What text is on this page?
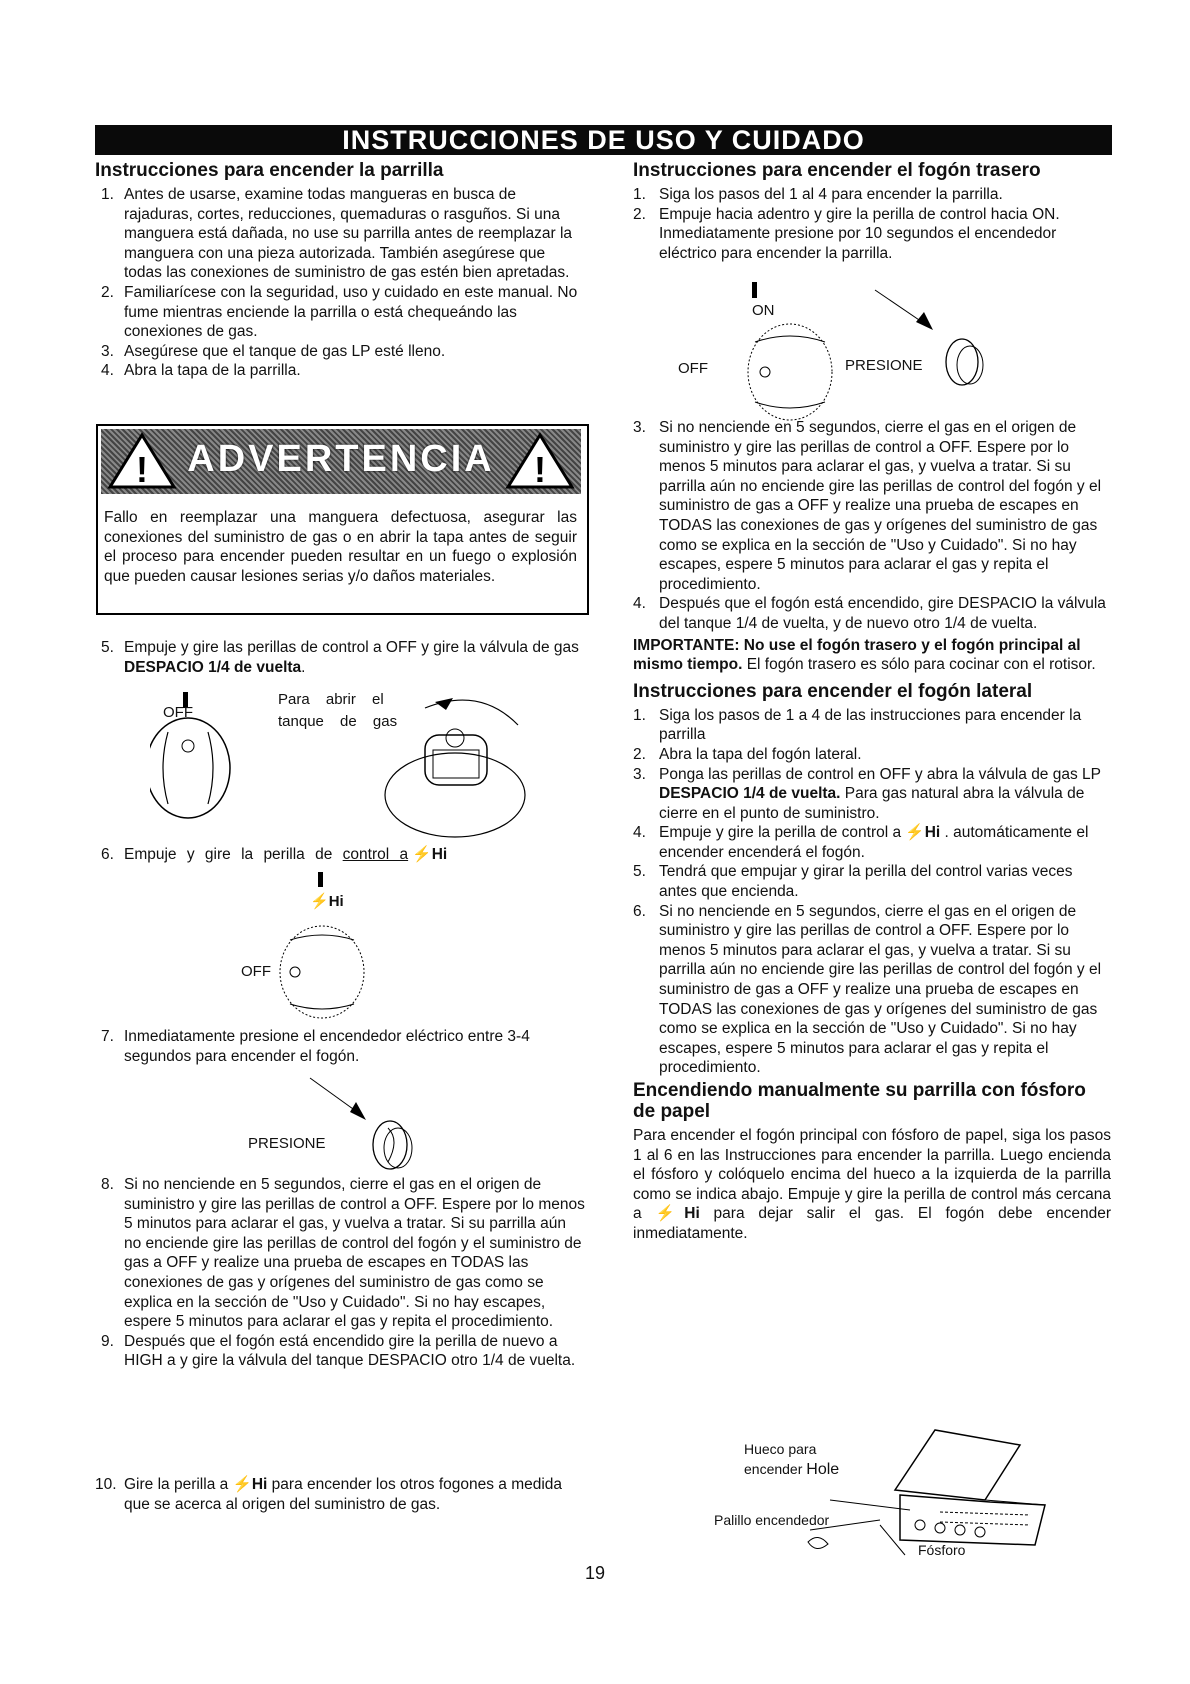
INSTRUCCIONES DE USO Y CUIDADO
Instrucciones para encender la parrilla
1. Antes de usarse, examine todas mangueras en busca de rajaduras, cortes, reducciones, quemaduras o rasguños. Si una manguera está dañada, no use su parrilla antes de reemplazar la manguera con una pieza autorizada. También asegúrese que todas las conexiones de suministro de gas estén bien apretadas.
2. Familiarícese con la seguridad, uso y cuidado en este manual. No fume mientras enciende la parrilla o está chequeándo las conexiones de gas.
3. Asegúrese que el tanque de gas LP esté lleno.
4. Abra la tapa de la parrilla.
!	ADVERTENCIA	!
Fallo en reemplazar una manguera defectuosa, asegurar las conexiones del suministro de gas o en abrir la tapa antes de seguir el proceso para encender pueden resultar en un fuego o explosión que pueden causar lesiones serias y/o daños materiales.
5. Empuje y gire las perillas de control a OFF y gire la válvula de gas DESPACIO 1/4 de vuelta.
OFF
Para abrir el
tanque de gas
6. Empuje y gire la perilla de control a ⚡Hi
⚡Hi
OFF
7. Inmediatamente presione el encendedor eléctrico entre 3-4 segundos para encender el fogón.
PRESIONE
8. Si no nenciende en 5 segundos, cierre el gas en el origen de suministro y gire las perillas de control a OFF. Espere por lo menos 5 minutos para aclarar el gas, y vuelva a tratar. Si su parrilla aún no enciende gire las perillas de control del fogón y el suministro de gas a OFF y realize una prueba de escapes en TODAS las conexiones de gas y orígenes del suministro de gas como se explica en la sección de "Uso y Cuidado". Si no hay escapes, espere 5 minutos para aclarar el gas y repita el procedimiento.
9. Después que el fogón está encendido gire la perilla de nuevo a HIGH a y gire la válvula del tanque DESPACIO otro 1/4 de vuelta.
10. Gire la perilla a ⚡Hi para encender los otros fogones a medida que se acerca al origen del suministro de gas.
Instrucciones para encender el fogón trasero
1. Siga los pasos del 1 al 4 para encender la parrilla.
2. Empuje hacia adentro y gire la perilla de control hacia ON. Inmediatamente presione por 10 segundos el encendedor eléctrico para encender la parrilla.
ON
OFF	PRESIONE
3. Si no nenciende en 5 segundos, cierre el gas en el origen de suministro y gire las perillas de control a OFF. Espere por lo menos 5 minutos para aclarar el gas, y vuelva a tratar. Si su parrilla aún no enciende gire las perillas de control del fogón y el suministro de gas a OFF y realize una prueba de escapes en TODAS las conexiones de gas y orígenes del suministro de gas como se explica en la sección de "Uso y Cuidado". Si no hay escapes, espere 5 minutos para aclarar el gas y repita el procedimiento.
4. Después que el fogón está encendido, gire DESPACIO la válvula del tanque 1/4 de vuelta, y de nuevo otro 1/4 de vuelta.

IMPORTANTE: No use el fogón trasero y el fogón principal al mismo tiempo. El fogón trasero es sólo para cocinar con el rotisor.

Instrucciones para encender el fogón lateral
1. Siga los pasos de 1 a 4 de las instrucciones para encender la parrilla
2. Abra la tapa del fogón lateral.
3. Ponga las perillas de control en OFF y abra la válvula de gas LP DESPACIO 1/4 de vuelta. Para gas natural abra la válvula de cierre en el punto de suministro.
4. Empuje y gire la perilla de control a ⚡Hi . automáticamente el encender encenderá el fogón.
5. Tendrá que empujar y girar la perilla del control varias veces antes que encienda.
6. Si no nenciende en 5 segundos, cierre el gas en el origen de suministro y gire las perillas de control a OFF. Espere por lo menos 5 minutos para aclarar el gas, y vuelva a tratar. Si su parrilla aún no enciende gire las perillas de control del fogón y el suministro de gas a OFF y realize una prueba de escapes en TODAS las conexiones de gas y orígenes del suministro de gas como se explica en la sección de "Uso y Cuidado". Si no hay escapes, espere 5 minutos para aclarar el gas y repita el procedimiento.
Encendiendo manualmente su parrilla con fósforo de papel

Para encender el fogón principal con fósforo de papel, siga los pasos 1 al 6 en las Instrucciones para encender la parrilla. Luego encienda el fósforo y colóquelo encima del hueco a la izquierda de la parrilla como se indica abajo. Empuje y gire la perilla de control más cercana a ⚡Hi para dejar salir el gas. El fogón debe encender inmediatamente.

Hueco para
encender Hole
Palillo encendedor
Fósforo
19
